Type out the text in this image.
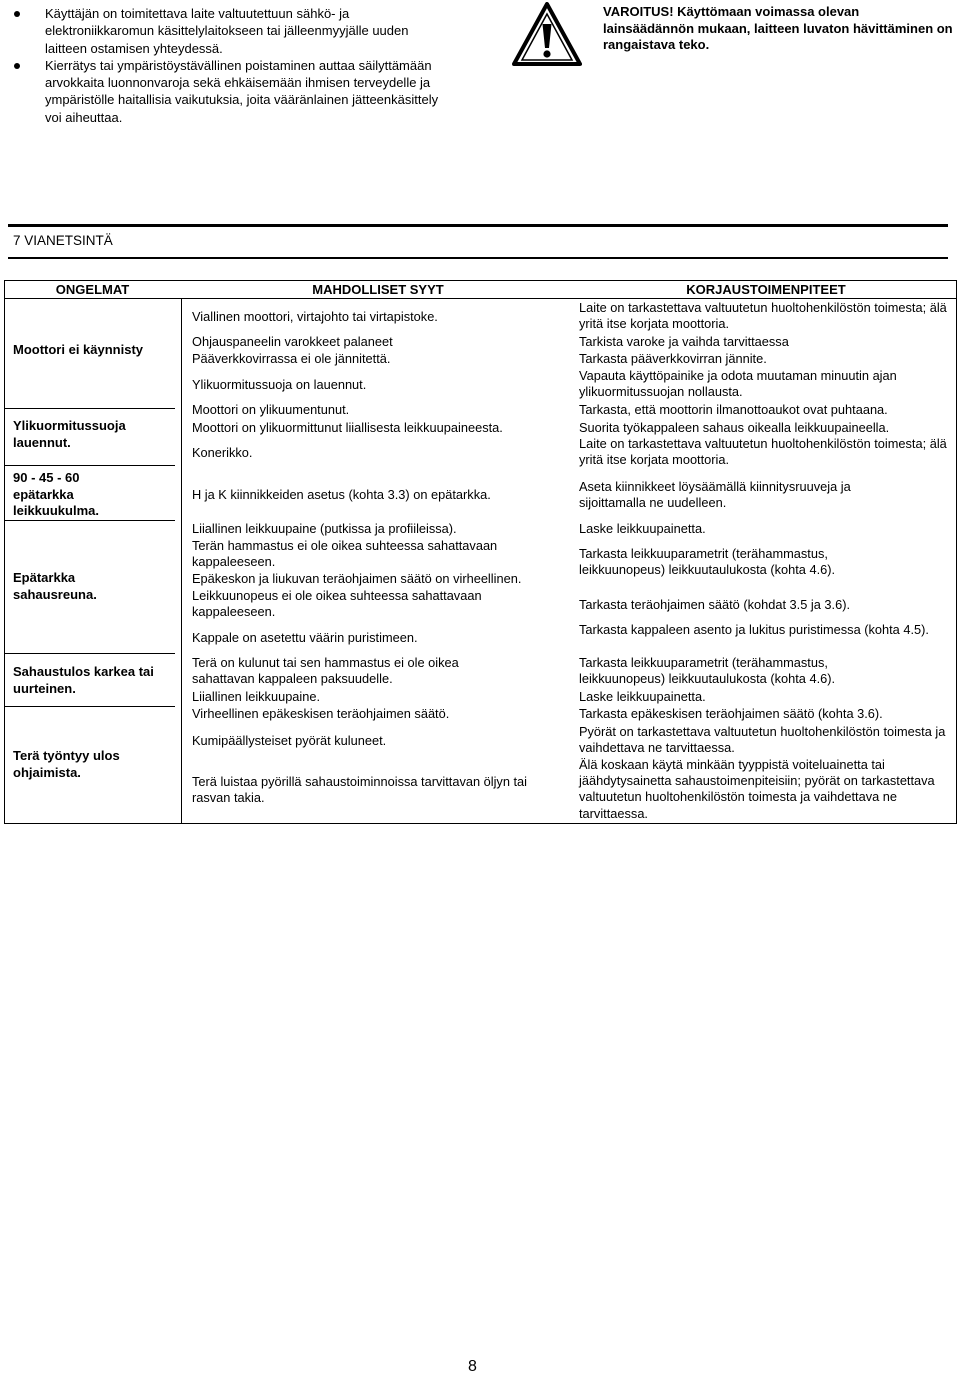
Käyttäjän on toimitettava laite valtuutettuun sähkö- ja elektroniikkaromun käsittelylaitokseen tai jälleenmyyjälle uuden laitteen ostamisen yhteydessä.
Kierrätys tai ympäristöystävällinen poistaminen auttaa säilyttämään arvokkaita luonnonvaroja sekä ehkäisemään ihmisen terveydelle ja ympäristölle haitallisia vaikutuksia, joita vääränlainen jätteenkäsittely voi aiheuttaa.
VAROITUS! Käyttömaan voimassa olevan lainsäädännön mukaan, laitteen luvaton hävittäminen on rangaistava teko.
7 VIANETSINTÄ
ONGELMAT	MAHDOLLISET SYYT	KORJAUSTOIMENPITEET
Moottori ei käynnisty
Ylikuormitussuoja lauennut.
90 - 45 - 60 epätarkka leikkuukulma.
Epätarkka sahausreuna.
Sahaustulos karkea tai uurteinen.
Terä työntyy ulos ohjaimista.
Viallinen moottori, virtajohto tai virtapistoke.
Ohjauspaneelin varokkeet palaneet
Pääverkkovirrassa ei ole jännitettä.
Ylikuormitussuoja on lauennut.
Moottori on ylikuumentunut.
Moottori on ylikuormittunut liiallisesta leikkuupaineesta.
Konerikko.
H ja K kiinnikkeiden asetus (kohta 3.3) on epätarkka.
Liiallinen leikkuupaine (putkissa ja profiileissa).
Terän hammastus ei ole oikea suhteessa sahattavaan kappaleeseen.
Epäkeskon ja liukuvan teräohjaimen säätö on virheellinen.
Leikkuunopeus ei ole oikea suhteessa sahattavaan kappaleeseen.
Kappale on asetettu väärin puristimeen.
Terä on kulunut tai sen hammastus ei ole oikea sahattavan kappaleen paksuudelle.
Liiallinen leikkuupaine.
Virheellinen epäkeskisen teräohjaimen säätö.
Kumipäällysteiset pyörät kuluneet.
Terä luistaa pyörillä sahaustoiminnoissa tarvittavan öljyn tai rasvan takia.
Laite on tarkastettava valtuutetun huoltohenkilöstön toimesta; älä yritä itse korjata moottoria.
Tarkista varoke ja vaihda tarvittaessa
Tarkasta pääverkkovirran jännite.
Vapauta käyttöpainike ja odota muutaman minuutin ajan ylikuormitussuojan nollausta.
Tarkasta, että moottorin ilmanottoaukot ovat puhtaana.
Suorita työkappaleen sahaus oikealla leikkuupaineella.
Laite on tarkastettava valtuutetun huoltohenkilöstön toimesta; älä yritä itse korjata moottoria.
Aseta kiinnikkeet löysäämällä kiinnitysruuveja ja sijoittamalla ne uudelleen.
Laske leikkuupainetta.
Tarkasta leikkuuparametrit (terähammastus, leikkuunopeus) leikkuutaulukosta (kohta 4.6).
Tarkasta teräohjaimen säätö (kohdat 3.5 ja 3.6).
Tarkasta kappaleen asento ja lukitus puristimessa (kohta 4.5).
Tarkasta leikkuuparametrit (terähammastus, leikkuunopeus) leikkuutaulukosta (kohta 4.6).
Laske leikkuupainetta.
Tarkasta epäkeskisen teräohjaimen säätö (kohta 3.6).
Pyörät on tarkastettava valtuutetun huoltohenkilöstön toimesta ja vaihdettava ne tarvittaessa.
Älä koskaan käytä minkään tyyppistä voiteluainetta tai jäähdytysainetta sahaustoimenpiteisiin; pyörät on tarkastettava valtuutetun huoltohenkilöstön toimesta ja vaihdettava ne tarvittaessa.
8
